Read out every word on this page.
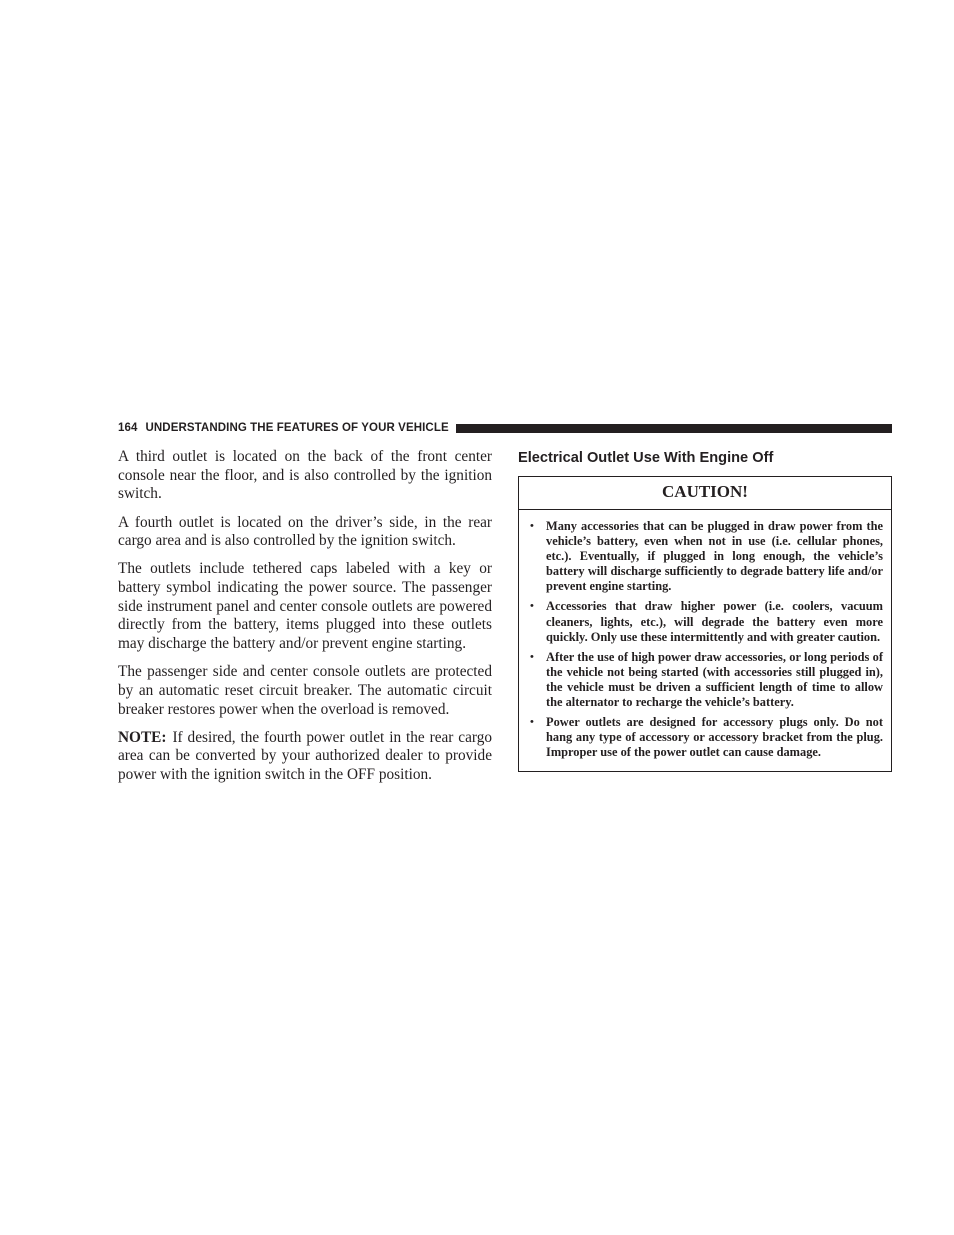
164 UNDERSTANDING THE FEATURES OF YOUR VEHICLE

A third outlet is located on the back of the front center console near the floor, and is also controlled by the ignition switch.

A fourth outlet is located on the driver’s side, in the rear cargo area and is also controlled by the ignition switch.

The outlets include tethered caps labeled with a key or battery symbol indicating the power source. The passenger side instrument panel and center console outlets are powered directly from the battery, items plugged into these outlets may discharge the battery and/or prevent engine starting.

The passenger side and center console outlets are protected by an automatic reset circuit breaker. The automatic circuit breaker restores power when the overload is removed.

NOTE: If desired, the fourth power outlet in the rear cargo area can be converted by your authorized dealer to provide power with the ignition switch in the OFF position.

Electrical Outlet Use With Engine Off
CAUTION!
• Many accessories that can be plugged in draw power from the vehicle’s battery, even when not in use (i.e. cellular phones, etc.). Eventually, if plugged in long enough, the vehicle’s battery will discharge sufficiently to degrade battery life and/or prevent engine starting.
• Accessories that draw higher power (i.e. coolers, vacuum cleaners, lights, etc.), will degrade the battery even more quickly. Only use these intermittently and with greater caution.
• After the use of high power draw accessories, or long periods of the vehicle not being started (with accessories still plugged in), the vehicle must be driven a sufficient length of time to allow the alternator to recharge the vehicle’s battery.
• Power outlets are designed for accessory plugs only. Do not hang any type of accessory or accessory bracket from the plug. Improper use of the power outlet can cause damage.
